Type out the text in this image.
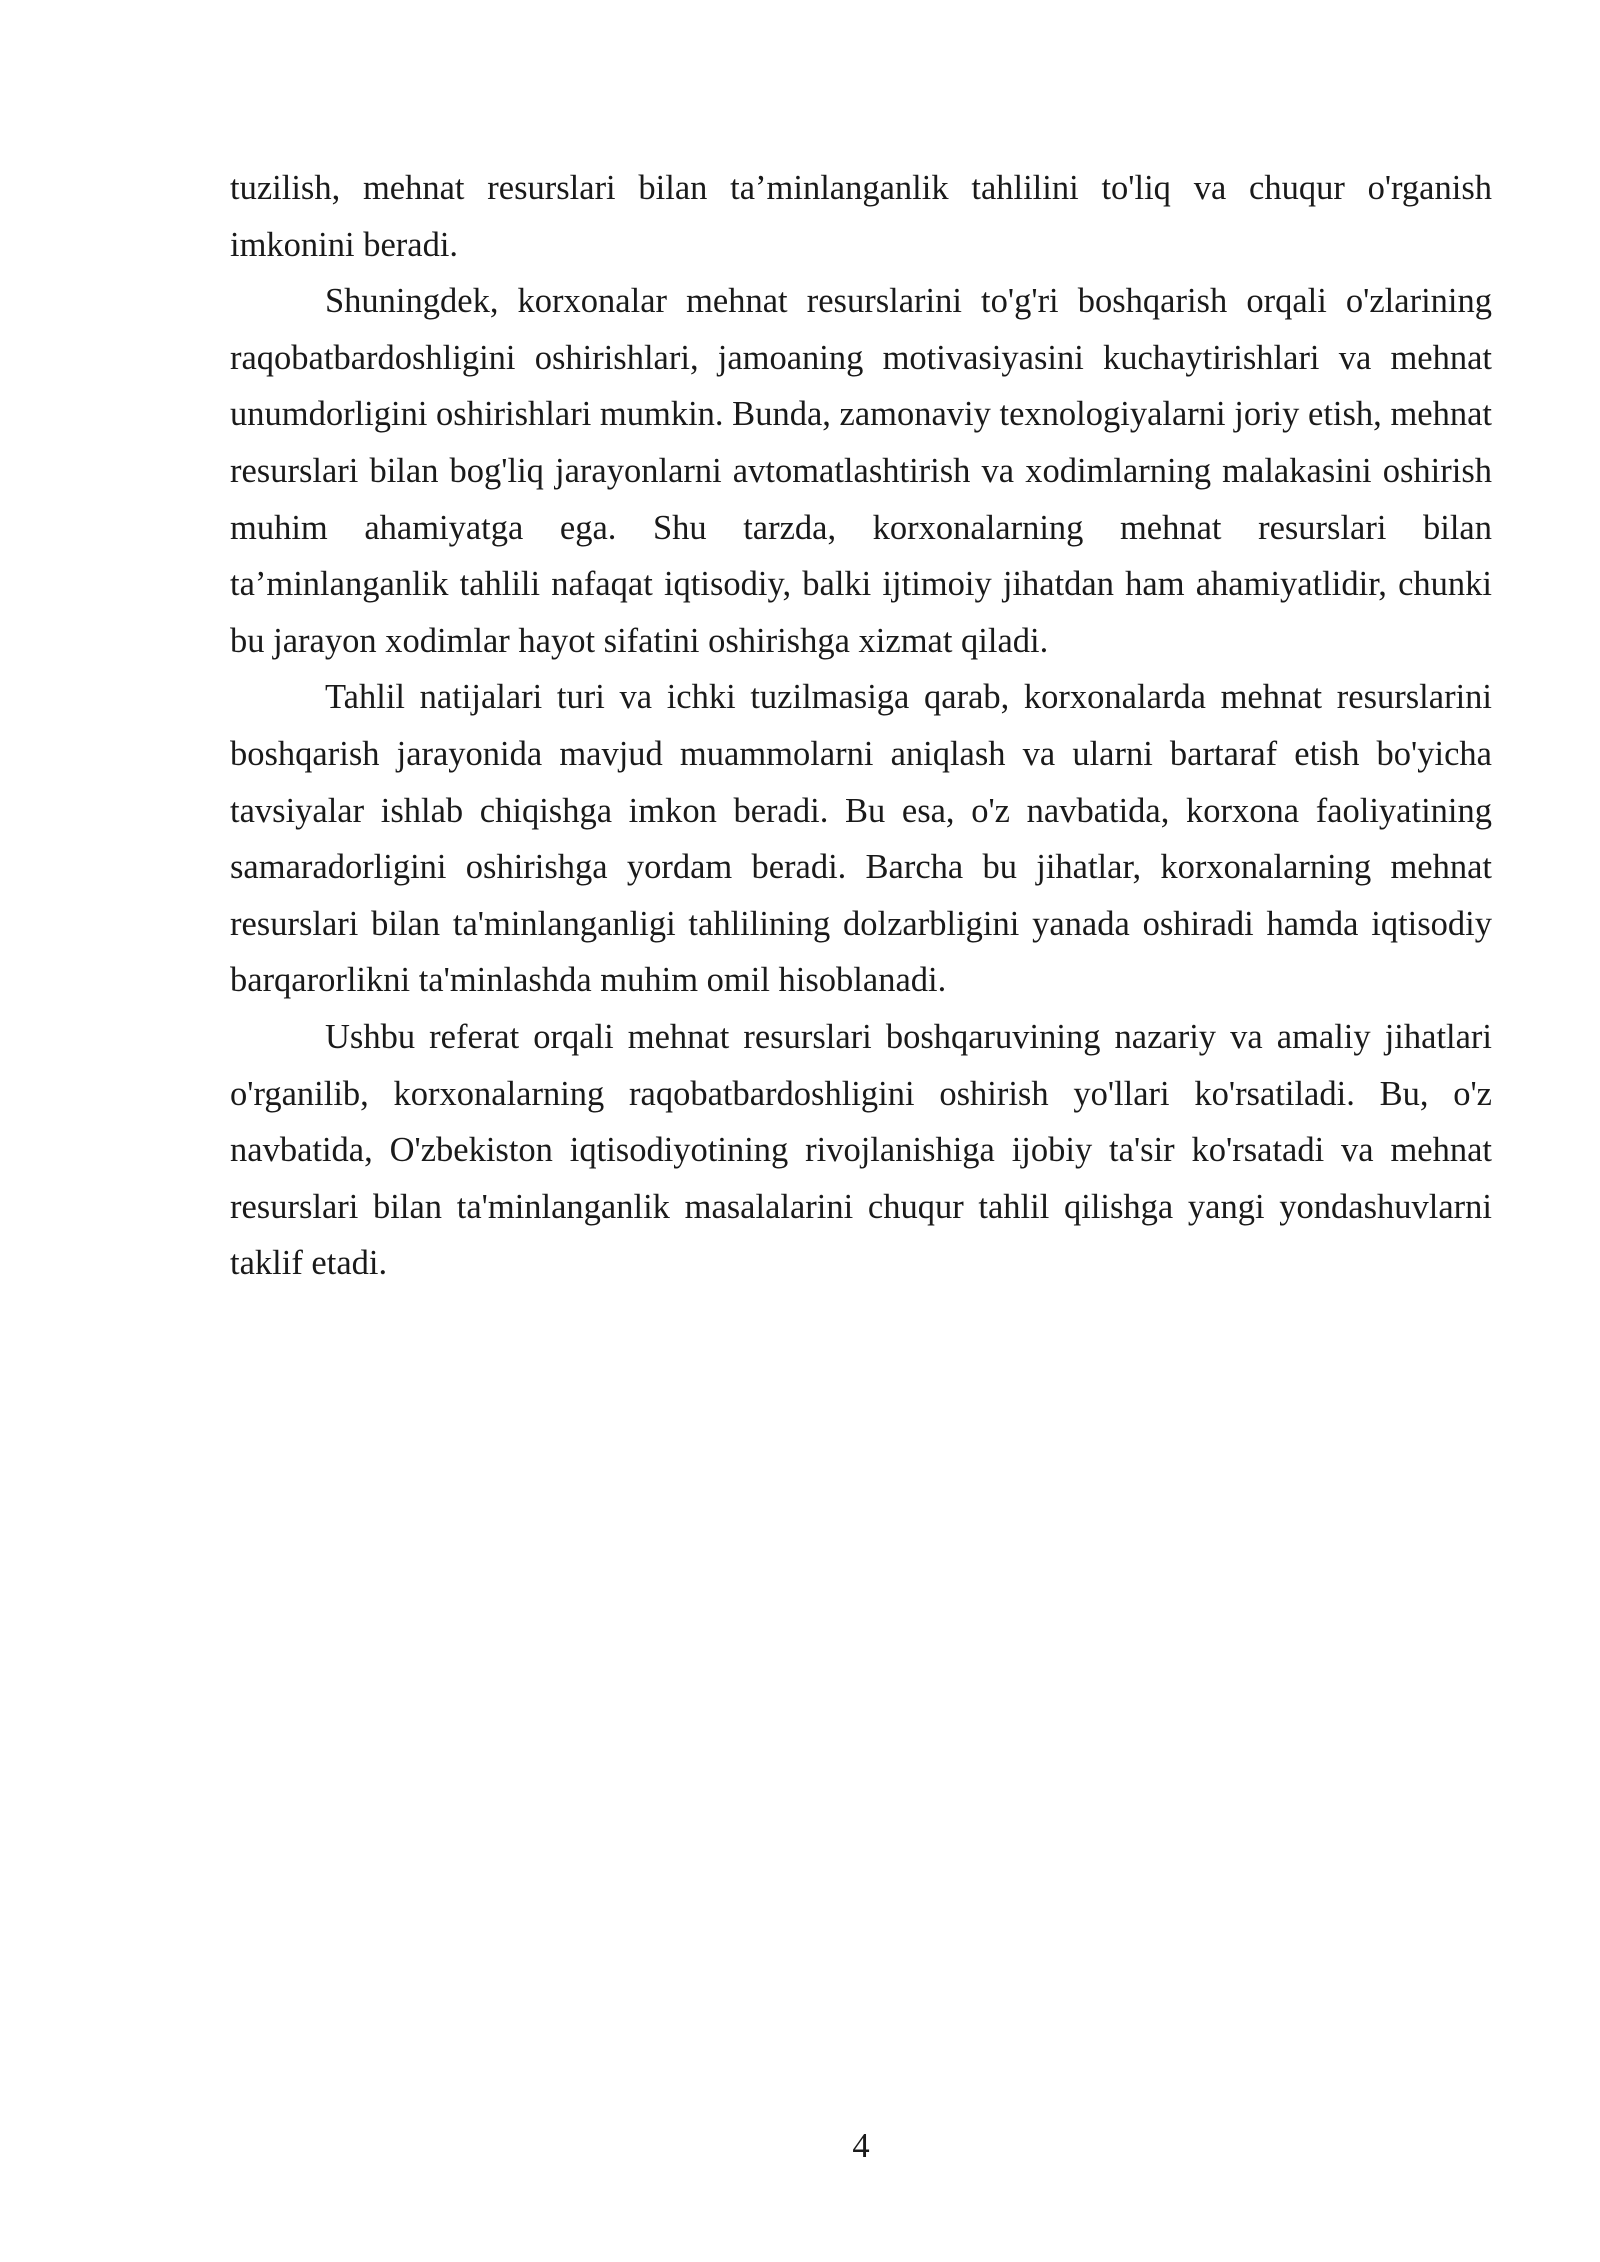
tuzilish, mehnat resurslari bilan ta’minlanganlik tahlilini to'liq va chuqur o'rganish imkonini beradi.

Shuningdek, korxonalar mehnat resurslarini to'g'ri boshqarish orqali o'zlarining raqobatbardoshligini oshirishlari, jamoaning motivasiyasini kuchaytirishlari va mehnat unumdorligini oshirishlari mumkin. Bunda, zamonaviy texnologiyalarni joriy etish, mehnat resurslari bilan bog'liq jarayonlarni avtomatlashtirish va xodimlarning malakasini oshirish muhim ahamiyatga ega. Shu tarzda, korxonalarning mehnat resurslari bilan ta’minlanganlik tahlili nafaqat iqtisodiy, balki ijtimoiy jihatdan ham ahamiyatlidir, chunki bu jarayon xodimlar hayot sifatini oshirishga xizmat qiladi.

Tahlil natijalari turi va ichki tuzilmasiga qarab, korxonalarda mehnat resurslarini boshqarish jarayonida mavjud muammolarni aniqlash va ularni bartaraf etish bo'yicha tavsiyalar ishlab chiqishga imkon beradi. Bu esa, o'z navbatida, korxona faoliyatining samaradorligini oshirishga yordam beradi. Barcha bu jihatlar, korxonalarning mehnat resurslari bilan ta'minlanganligi tahlilining dolzarbligini yanada oshiradi hamda iqtisodiy barqarorlikni ta'minlashda muhim omil hisoblanadi.

Ushbu referat orqali mehnat resurslari boshqaruvining nazariy va amaliy jihatlari o'rganilib, korxonalarning raqobatbardoshligini oshirish yo'llari ko'rsatiladi. Bu, o'z navbatida, O'zbekiston iqtisodiyotining rivojlanishiga ijobiy ta'sir ko'rsatadi va mehnat resurslari bilan ta'minlanganlik masalalarini chuqur tahlil qilishga yangi yondashuvlarni taklif etadi.

4
